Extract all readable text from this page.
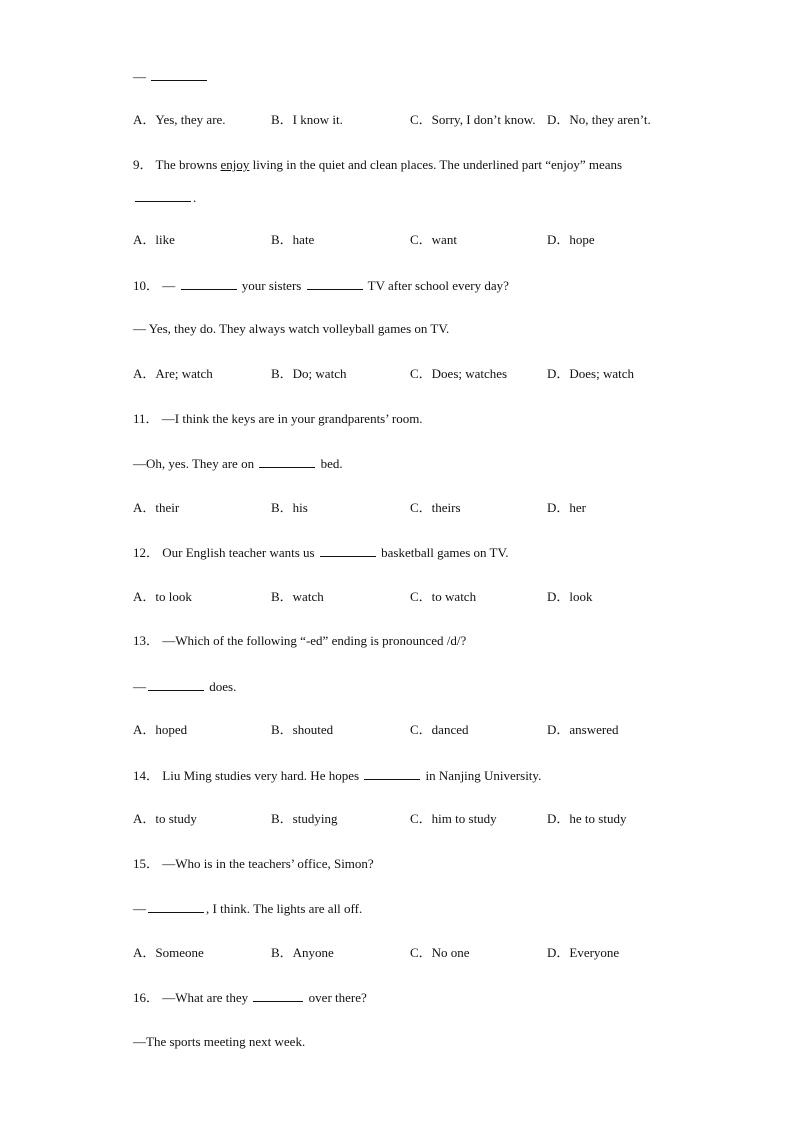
—
A．Yes, they are.	B．I know it.	C．Sorry, I don’t know. D．No, they aren’t.
9． The browns enjoy living in the quiet and clean places. The underlined part “enjoy” means
.
A．like	B．hate	C．want	D．hope
10． —	your sisters	TV after school every day?
— Yes, they do. They always watch volleyball games on TV.
A．Are; watch	B．Do; watch	C．Does; watches	D．Does; watch
11． —I think the keys are in your grandparents’ room.
—Oh, yes. They are on	bed.
A．their	B．his	C．theirs	D．her
12． Our English teacher wants us	basketball games on TV.
A．to look	B．watch	C．to watch	D．look
13． —Which of the following “-ed” ending is pronounced /d/?
—	does.
A．hoped	B．shouted	C．danced	D．answered
14． Liu Ming studies very hard. He hopes	in Nanjing University.
A．to study	B．studying	C．him to study	D．he to study
15． —Who is in the teachers’ office, Simon?
—	, I think. The lights are all off.
A．Someone	B．Anyone	C．No one	D．Everyone
16． —What are they	over there?
—The sports meeting next week.
